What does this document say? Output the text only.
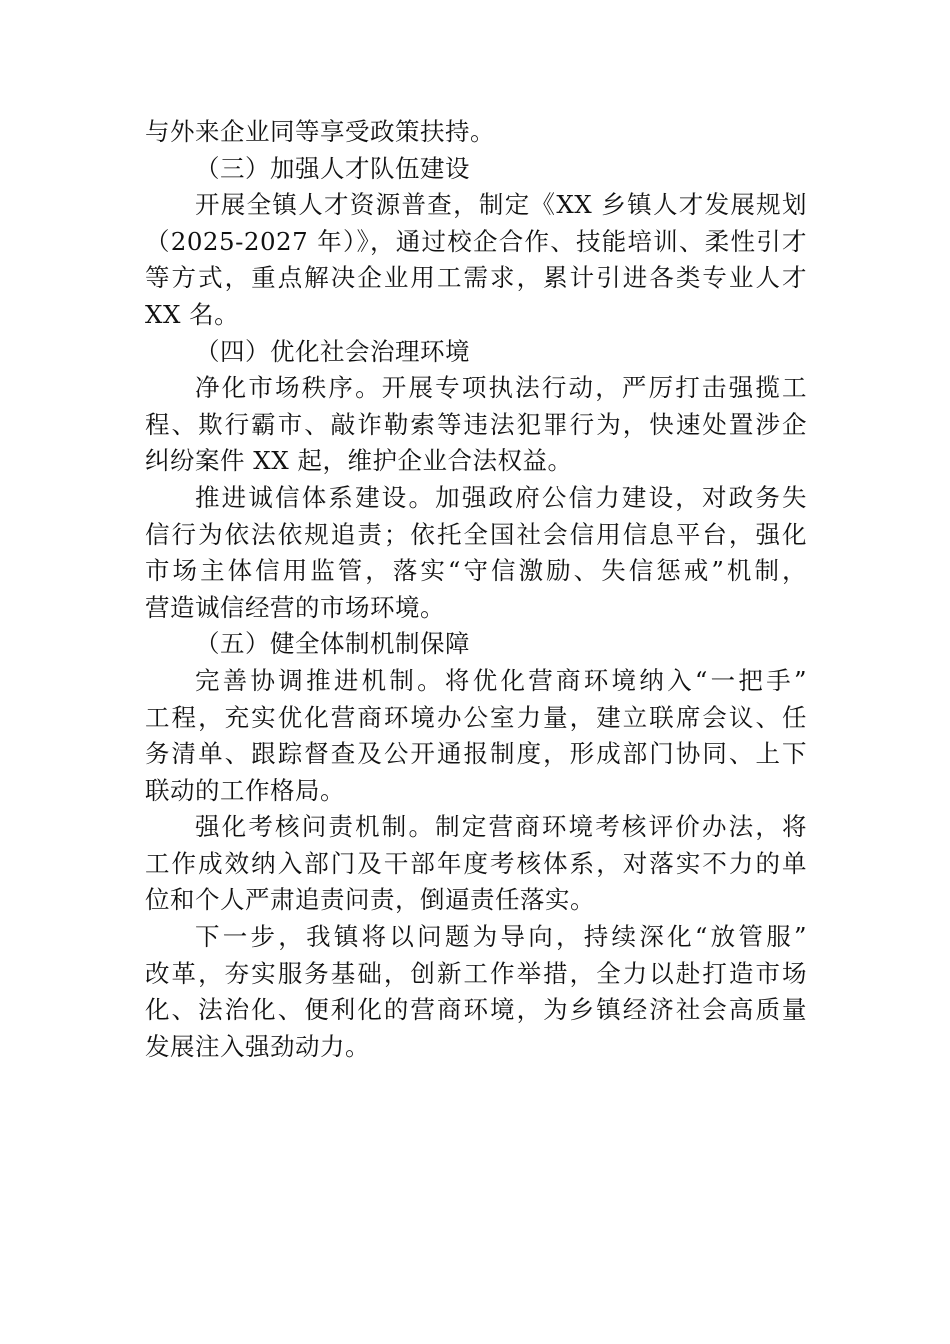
与外来企业同等享受政策扶持。
（三）加强人才队伍建设
开展全镇人才资源普查，制定《XX 乡镇人才发展规划
（2025-2027 年）》，通过校企合作、技能培训、柔性引才
等方式，重点解决企业用工需求，累计引进各类专业人才
XX 名。
（四）优化社会治理环境
净化市场秩序。开展专项执法行动，严厉打击强揽工
程、欺行霸市、敲诈勒索等违法犯罪行为，快速处置涉企
纠纷案件 XX 起，维护企业合法权益。
推进诚信体系建设。加强政府公信力建设，对政务失
信行为依法依规追责；依托全国社会信用信息平台，强化
市场主体信用监管，落实“守信激励、失信惩戒”机制，
营造诚信经营的市场环境。
（五）健全体制机制保障
完善协调推进机制。将优化营商环境纳入“一把手”
工程，充实优化营商环境办公室力量，建立联席会议、任
务清单、跟踪督查及公开通报制度，形成部门协同、上下
联动的工作格局。
强化考核问责机制。制定营商环境考核评价办法，将
工作成效纳入部门及干部年度考核体系，对落实不力的单
位和个人严肃追责问责，倒逼责任落实。
下一步，我镇将以问题为导向，持续深化“放管服”
改革，夯实服务基础，创新工作举措，全力以赴打造市场
化、法治化、便利化的营商环境，为乡镇经济社会高质量
发展注入强劲动力。
